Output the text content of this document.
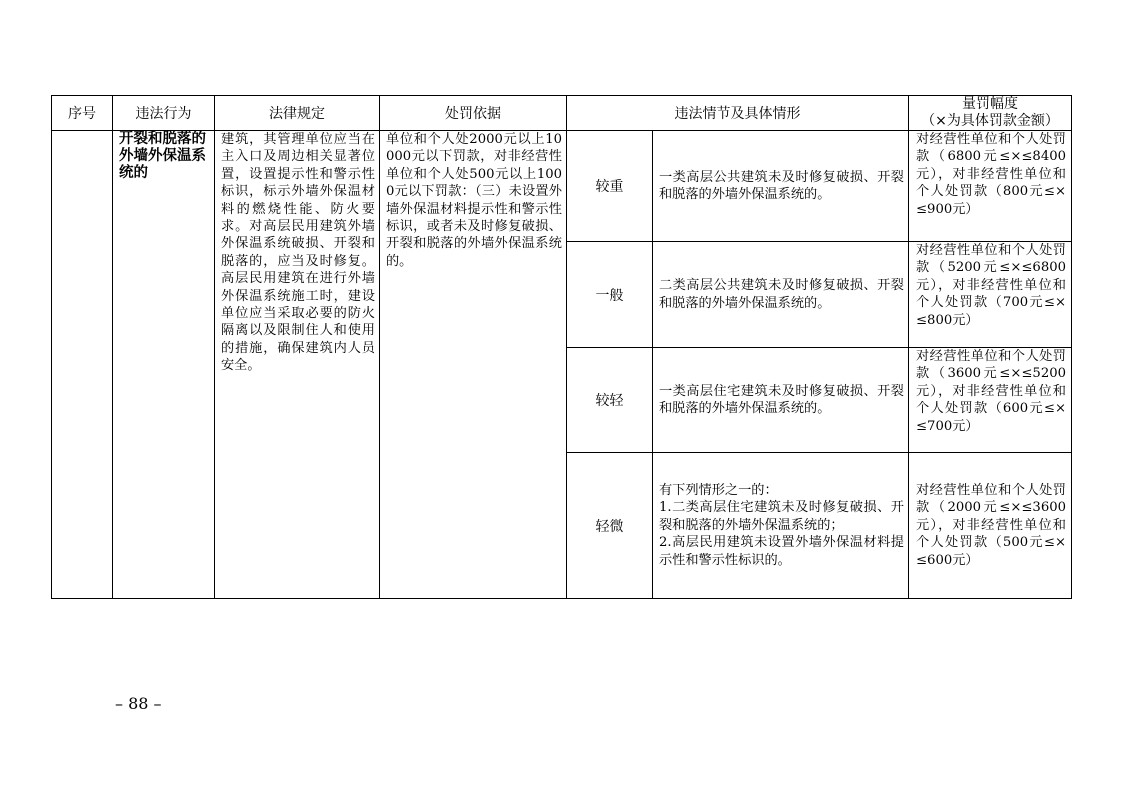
序号	违法行为	法律规定	处罚依据	违法情节及具体情形		量罚幅度
（×为具体罚款金额）

	开裂和脱落的外墙外保温系统的	建筑，其管理单位应当在主入口及周边相关显著位置，设置提示性和警示性标识，标示外墙外保温材料的燃烧性能、防火要求。对高层民用建筑外墙外保温系统破损、开裂和脱落的，应当及时修复。高层民用建筑在进行外墙外保温系统施工时，建设单位应当采取必要的防火隔离以及限制住人和使用的措施，确保建筑内人员安全。	单位和个人处2000元以上10000元以下罚款，对非经营性单位和个人处500元以上1000元以下罚款：（三）未设置外墙外保温材料提示性和警示性标识，或者未及时修复破损、开裂和脱落的外墙外保温系统的。	较重	一类高层公共建筑未及时修复破损、开裂和脱落的外墙外保温系统的。	对经营性单位和个人处罚款（6800元≤×≤8400元），对非经营性单位和个人处罚款（800元≤×≤900元）

				一般	二类高层公共建筑未及时修复破损、开裂和脱落的外墙外保温系统的。	对经营性单位和个人处罚款（5200元≤×≤6800元），对非经营性单位和个人处罚款（700元≤×≤800元）

				较轻	一类高层住宅建筑未及时修复破损、开裂和脱落的外墙外保温系统的。	对经营性单位和个人处罚款（3600元≤×≤5200元），对非经营性单位和个人处罚款（600元≤×≤700元）

				轻微	有下列情形之一的：
1.二类高层住宅建筑未及时修复破损、开裂和脱落的外墙外保温系统的；
2.高层民用建筑未设置外墙外保温材料提示性和警示性标识的。	对经营性单位和个人处罚款（2000元≤×≤3600元），对非经营性单位和个人处罚款（500元≤×≤600元）
– 88 –
